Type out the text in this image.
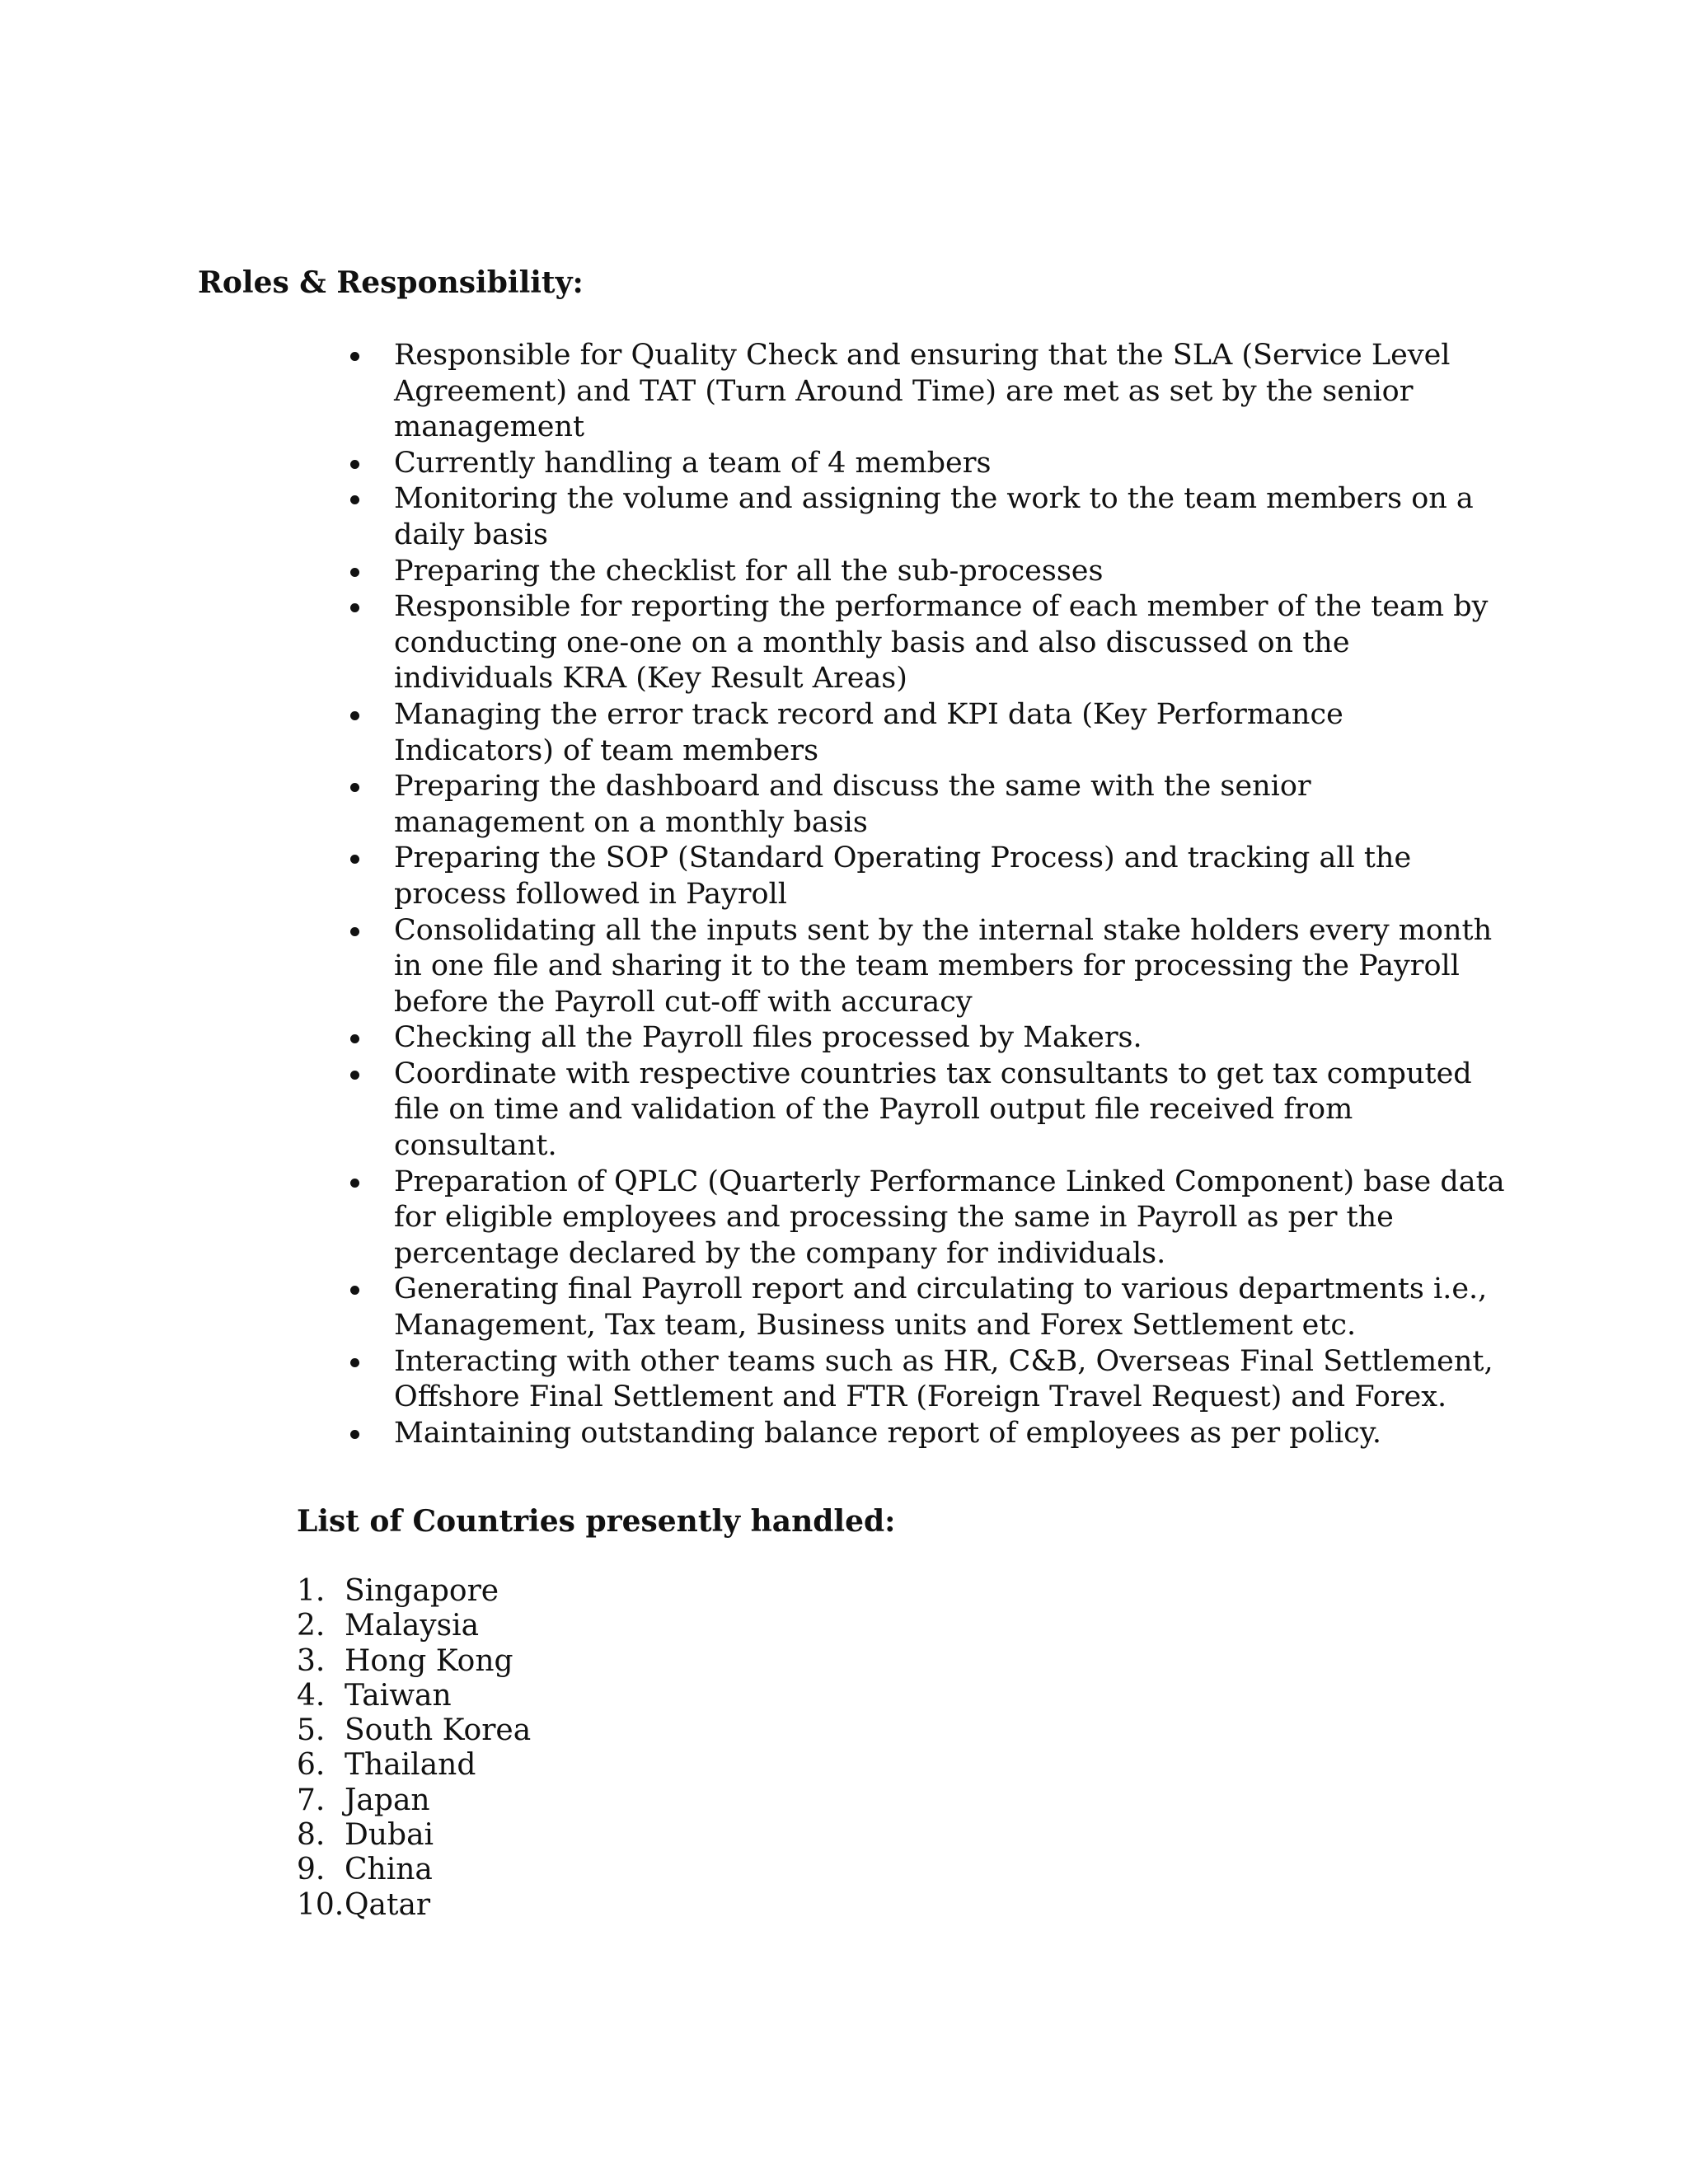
Roles & Responsibility:
Responsible for Quality Check and ensuring that the SLA (Service Level Agreement) and TAT (Turn Around Time) are met as set by the senior management
Currently handling a team of 4 members
Monitoring the volume and assigning the work to the team members on a daily basis
Preparing the checklist for all the sub-processes
Responsible for reporting the performance of each member of the team by conducting one-one on a monthly basis and also discussed on the individuals KRA (Key Result Areas)
Managing the error track record and KPI data (Key Performance Indicators) of team members
Preparing the dashboard and discuss the same with the senior management on a monthly basis
Preparing the SOP (Standard Operating Process) and tracking all the process followed in Payroll
Consolidating all the inputs sent by the internal stake holders every month in one file and sharing it to the team members for processing the Payroll before the Payroll cut-off with accuracy
Checking all the Payroll files processed by Makers.
Coordinate with respective countries tax consultants to get tax computed file on time and validation of the Payroll output file received from consultant.
Preparation of QPLC (Quarterly Performance Linked Component) base data for eligible employees and processing the same in Payroll as per the percentage declared by the company for individuals.
Generating final Payroll report and circulating to various departments i.e., Management, Tax team, Business units and Forex Settlement etc.
Interacting with other teams such as HR, C&B, Overseas Final Settlement, Offshore Final Settlement and FTR (Foreign Travel Request) and Forex.
Maintaining outstanding balance report of employees as per policy.
List of Countries presently handled:
1. Singapore
2. Malaysia
3. Hong Kong
4. Taiwan
5. South Korea
6. Thailand
7. Japan
8. Dubai
9. China
10. Qatar
